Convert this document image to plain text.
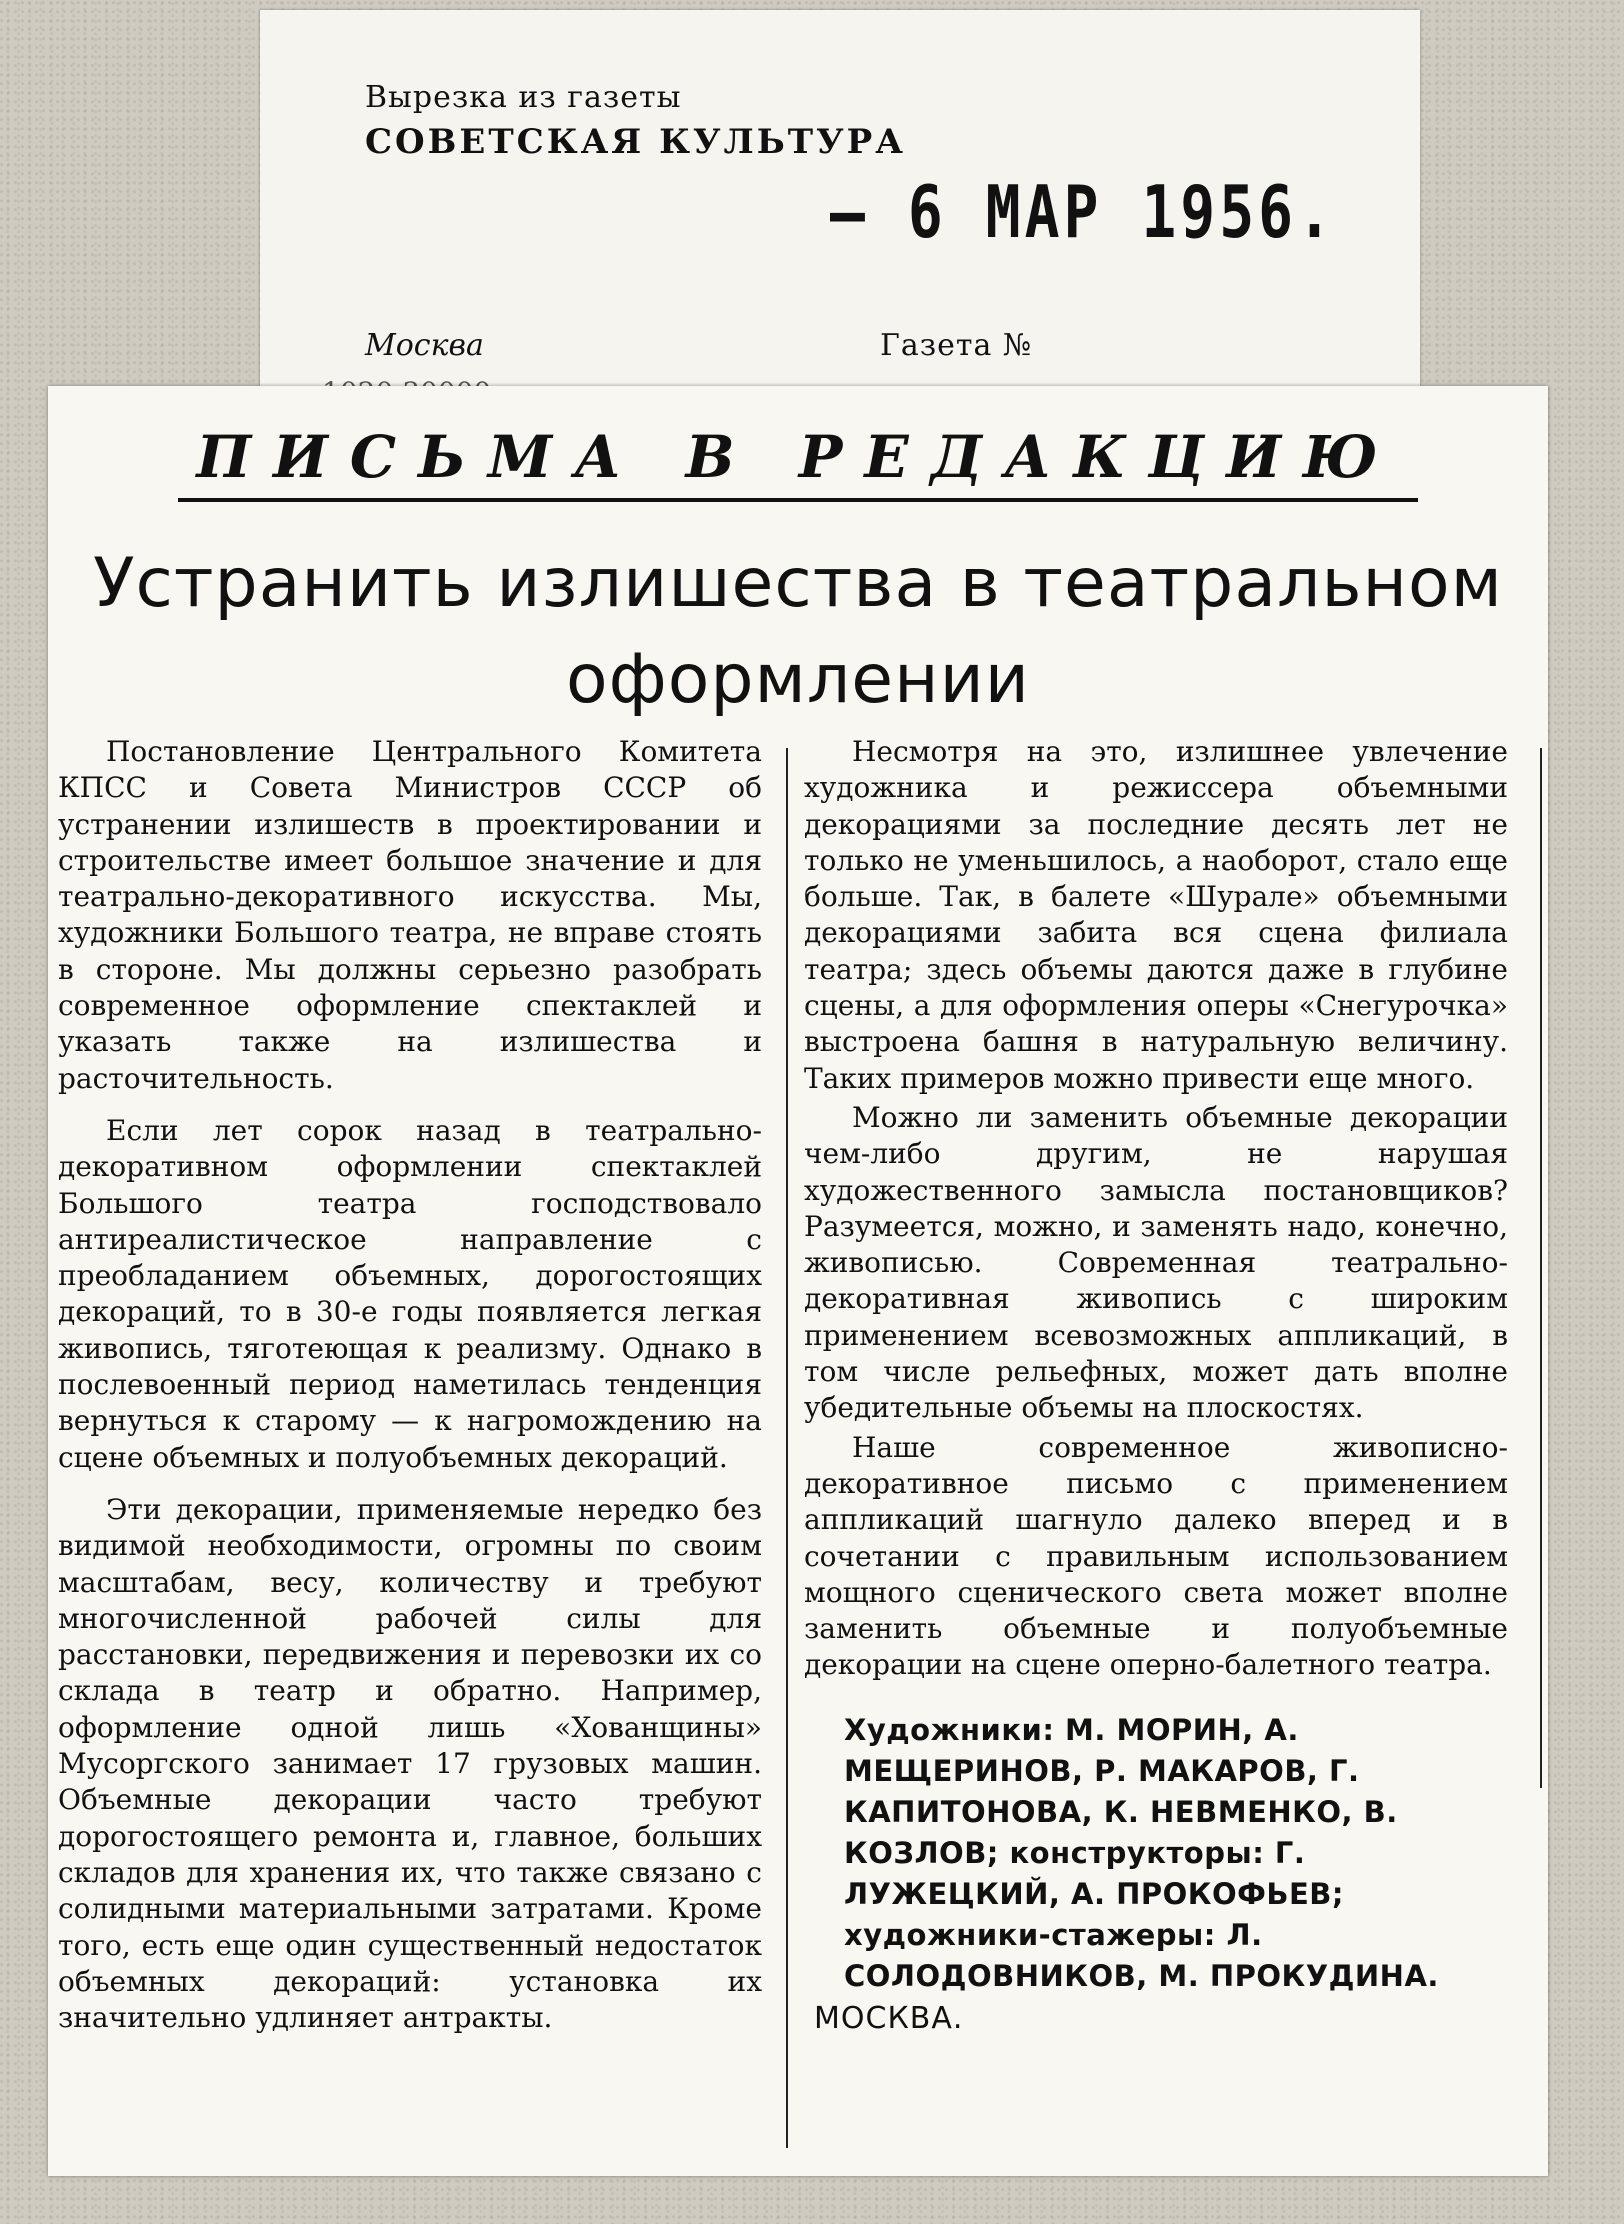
Вырезка из газеты
СОВЕТСКАЯ КУЛЬТУРА
– 6 МАР 1956.
Москва	Газета №
ПИСЬМА В РЕДАКЦИЮ
Устранить излишества в театральном оформлении

Постановление Центрального Комитета КПСС и Совета Министров СССР об устранении излишеств в проектировании и строительстве имеет большое значение и для театрально-декоративного искусства. Мы, художники Большого театра, не вправе стоять в стороне. Мы должны серьезно разобрать современное оформление спектаклей и указать также на излишества и расточительность.

Если лет сорок назад в театрально-декоративном оформлении спектаклей Большого театра господствовало антиреалистическое направление с преобладанием объемных, дорогостоящих декораций, то в 30-е годы появляется легкая живопись, тяготеющая к реализму. Однако в послевоенный период наметилась тенденция вернуться к старому — к нагромождению на сцене объемных и полуобъемных декораций.

Эти декорации, применяемые нередко без видимой необходимости, огромны по своим масштабам, весу, количеству и требуют многочисленной рабочей силы для расстановки, передвижения и перевозки их со склада в театр и обратно. Например, оформление одной лишь «Хованщины» Мусоргского занимает 17 грузовых машин. Объемные декорации часто требуют дорогостоящего ремонта и, главное, больших складов для хранения их, что также связано с солидными материальными затратами. Кроме того, есть еще один существенный недостаток объемных декораций: установка их значительно удлиняет антракты.

Несмотря на это, излишнее увлечение художника и режиссера объемными декорациями за последние десять лет не только не уменьшилось, а наоборот, стало еще больше. Так, в балете «Шурале» объемными декорациями забита вся сцена филиала театра; здесь объемы даются даже в глубине сцены, а для оформления оперы «Снегурочка» выстроена башня в натуральную величину. Таких примеров можно привести еще много.

Можно ли заменить объемные декорации чем-либо другим, не нарушая художественного замысла постановщиков? Разумеется, можно, и заменять надо, конечно, живописью. Современная театрально-декоративная живопись с широким применением всевозможных аппликаций, в том числе рельефных, может дать вполне убедительные объемы на плоскостях.

Наше современное живописно-декоративное письмо с применением аппликаций шагнуло далеко вперед и в сочетании с правильным использованием мощного сценического света может вполне заменить объемные и полуобъемные декорации на сцене оперно-балетного театра.

Художники: М. МОРИН, А. МЕЩЕРИНОВ, Р. МАКАРОВ, Г. КАПИТОНОВА, К. НЕВМЕНКО, В. КОЗЛОВ; конструкторы: Г. ЛУЖЕЦКИЙ, А. ПРОКОФЬЕВ; художники-стажеры: Л. СОЛОДОВНИКОВ, М. ПРОКУДИНА.
МОСКВА.
